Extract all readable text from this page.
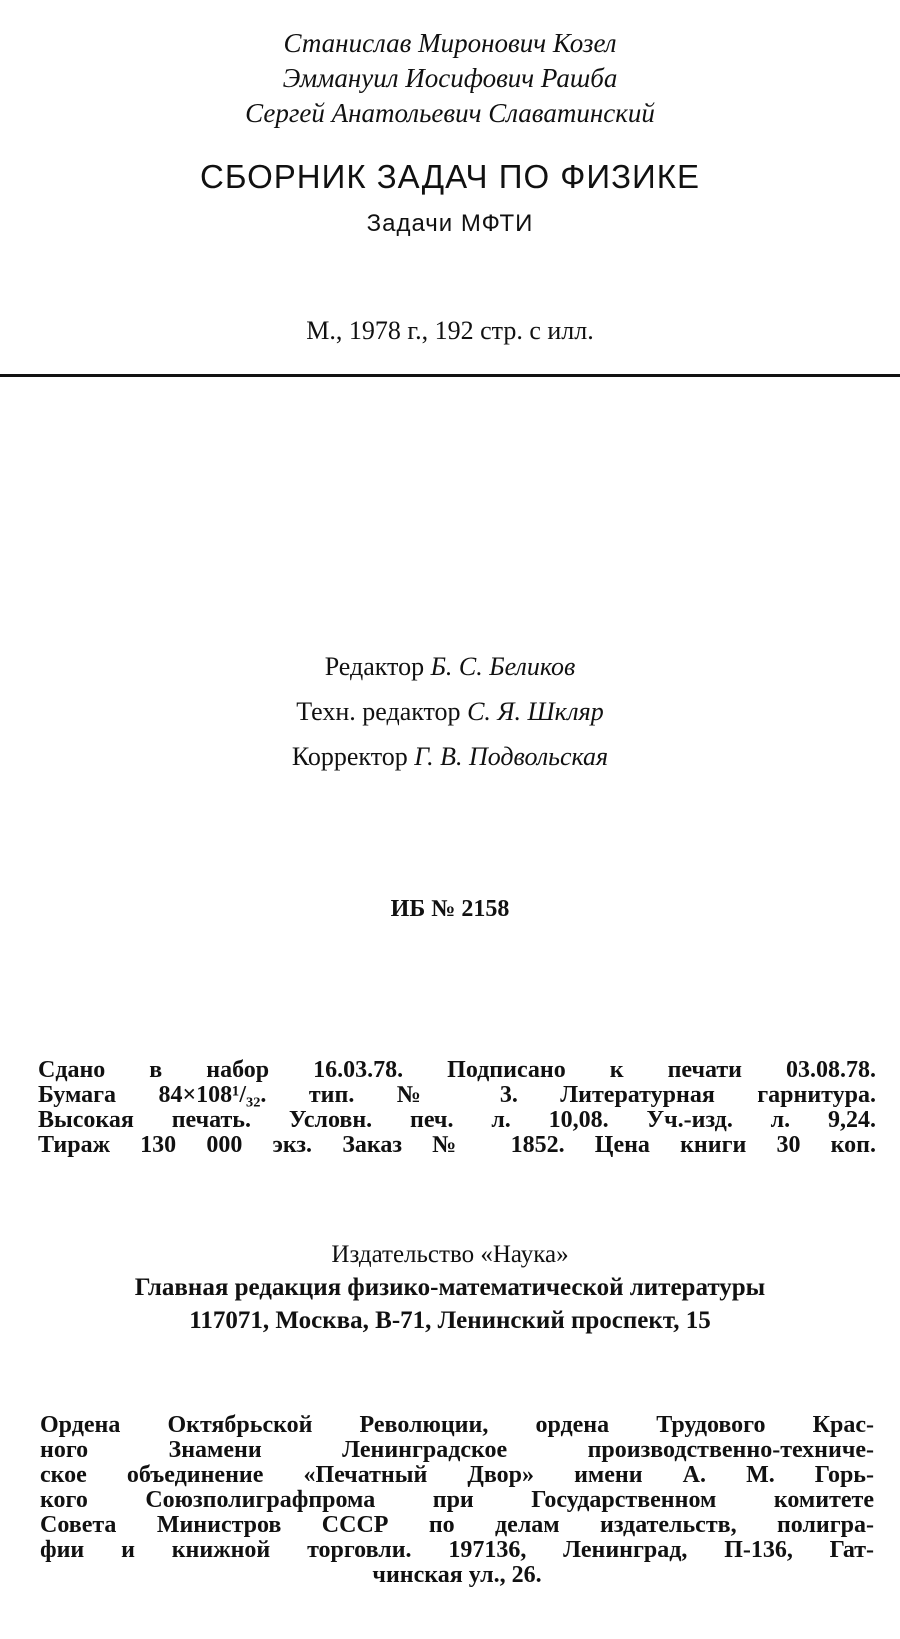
Станислав Миронович Козел
Эммануил Иосифович Рашба
Сергей Анатольевич Славатинский
СБОРНИК ЗАДАЧ ПО ФИЗИКЕ
Задачи МФТИ
М., 1978 г., 192 стр. с илл.
Редактор Б. С. Беликов
Техн. редактор С. Я. Шкляр
Корректор Г. В. Подвольская
ИБ № 2158
Сдано в набор 16.03.78. Подписано к печати 03.08.78.
Бумага 84×108¹/₃₂. тип. № 3. Литературная гарнитура.
Высокая печать. Условн. печ. л. 10,08. Уч.-изд. л. 9,24.
Тираж 130 000 экз. Заказ № 1852. Цена книги 30 коп.
Издательство «Наука»
Главная редакция физико-математической литературы
117071, Москва, В-71, Ленинский проспект, 15
Ордена Октябрьской Революции, ордена Трудового Крас-
ного Знамени Ленинградское производственно-техниче-
ское объединение «Печатный Двор» имени А. М. Горь-
кого Союзполиграфпрома при Государственном комитете
Совета Министров СССР по делам издательств, полигра-
фии и книжной торговли. 197136, Ленинград, П-136, Гат-
чинская ул., 26.
